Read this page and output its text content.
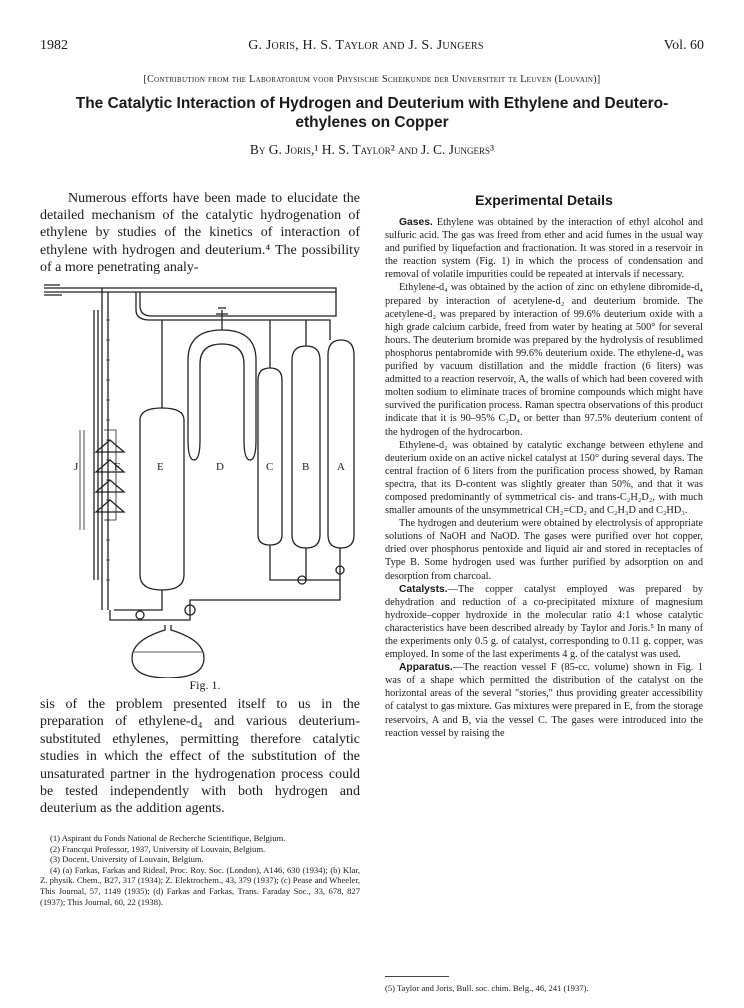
1982	G. Joris, H. S. Taylor and J. S. Jungers	Vol. 60
[Contribution from the Laboratorium voor Physische Scheikunde der Universiteit te Leuven (Louvain)]
The Catalytic Interaction of Hydrogen and Deuterium with Ethylene and Deutero-ethylenes on Copper
By G. Joris,¹ H. S. Taylor² and J. C. Jungers³

Numerous efforts have been made to elucidate the detailed mechanism of the catalytic hydrogenation of ethylene by studies of the kinetics of interaction of ethylene with hydrogen and deuterium.⁴ The possibility of a more penetrating analy-

J	F	E	D	C	B	A
Fig. 1.

sis of the problem presented itself to us in the preparation of ethylene-d₄ and various deuterium-substituted ethylenes, permitting therefore catalytic studies in which the effect of the substitution of the unsaturated partner in the hydrogenation process could be tested independently with both hydrogen and deuterium as the addition agents.

(1) Aspirant du Fonds National de Recherche Scientifique, Belgium.

(2) Francqui Professor, 1937, University of Louvain, Belgium.

(3) Docent, University of Louvain, Belgium.

(4) (a) Farkas, Farkas and Rideal, Proc. Roy. Soc. (London), A146, 630 (1934); (b) Klar, Z. physik. Chem., B27, 317 (1934); Z. Elektrochem., 43, 379 (1937); (c) Pease and Wheeler, This Journal, 57, 1149 (1935); (d) Farkas and Farkas, Trans. Faraday Soc., 33, 678, 827 (1937); This Journal, 60, 22 (1938).

Experimental Details

Gases. Ethylene was obtained by the interaction of ethyl alcohol and sulfuric acid. The gas was freed from ether and acid fumes in the usual way and purified by liquefaction and fractionation. It was stored in a reservoir in the reaction system (Fig. 1) in which the process of condensation and removal of volatile impurities could be repeated at intervals if necessary.

Ethylene-d₄ was obtained by the action of zinc on ethylene dibromide-d₄ prepared by interaction of acetylene-d₂ and deuterium bromide. The acetylene-d₂ was prepared by interaction of 99.6% deuterium oxide with a high grade calcium carbide, freed from water by heating at 500° for several hours. The deuterium bromide was prepared by the hydrolysis of resublimed phosphorus pentabromide with 99.6% deuterium oxide. The ethylene-d₄ was purified by vacuum distillation and the middle fraction (6 liters) was admitted to a reaction reservoir, A, the walls of which had been covered with molten sodium to eliminate traces of bromine compounds which might have survived the purification process. Raman spectra observations of this product indicate that it is 90–95% C₂D₄ or better than 97.5% deuterium content of the hydrogen of the hydrocarbon.

Ethylene-d₂ was obtained by catalytic exchange between ethylene and deuterium oxide on an active nickel catalyst at 150° during several days. The central fraction of 6 liters from the purification process showed, by Raman spectra, that its D-content was slightly greater than 50%, and that it was composed predominantly of symmetrical cis- and trans-C₂H₂D₂, with much smaller amounts of the unsymmetrical CH₂=CD₂ and C₂H₃D and C₂HD₃.

The hydrogen and deuterium were obtained by electrolysis of appropriate solutions of NaOH and NaOD. The gases were purified over hot copper, dried over phosphorus pentoxide and liquid air and stored in receptacles of Type B. Some hydrogen used was further purified by adsorption on and desorption from charcoal.

Catalysts.—The copper catalyst employed was prepared by dehydration and reduction of a co-precipitated mixture of magnesium hydroxide–copper hydroxide in the molecular ratio 4:1 whose catalytic characteristics have been described already by Taylor and Joris.⁵ In many of the experiments only 0.5 g. of catalyst, corresponding to 0.11 g. copper, was employed. In some of the last experiments 4 g. of the catalyst was used.

Apparatus.—The reaction vessel F (85-cc. volume) shown in Fig. 1 was of a shape which permitted the distribution of the catalyst on the horizontal areas of the several "stories," thus providing greater accessibility of catalyst to gas mixture. Gas mixtures were prepared in E, from the storage reservoirs, A and B, via the vessel C. The gases were introduced into the reaction vessel by raising the

(5) Taylor and Joris, Bull. soc. chim. Belg., 46, 241 (1937).
